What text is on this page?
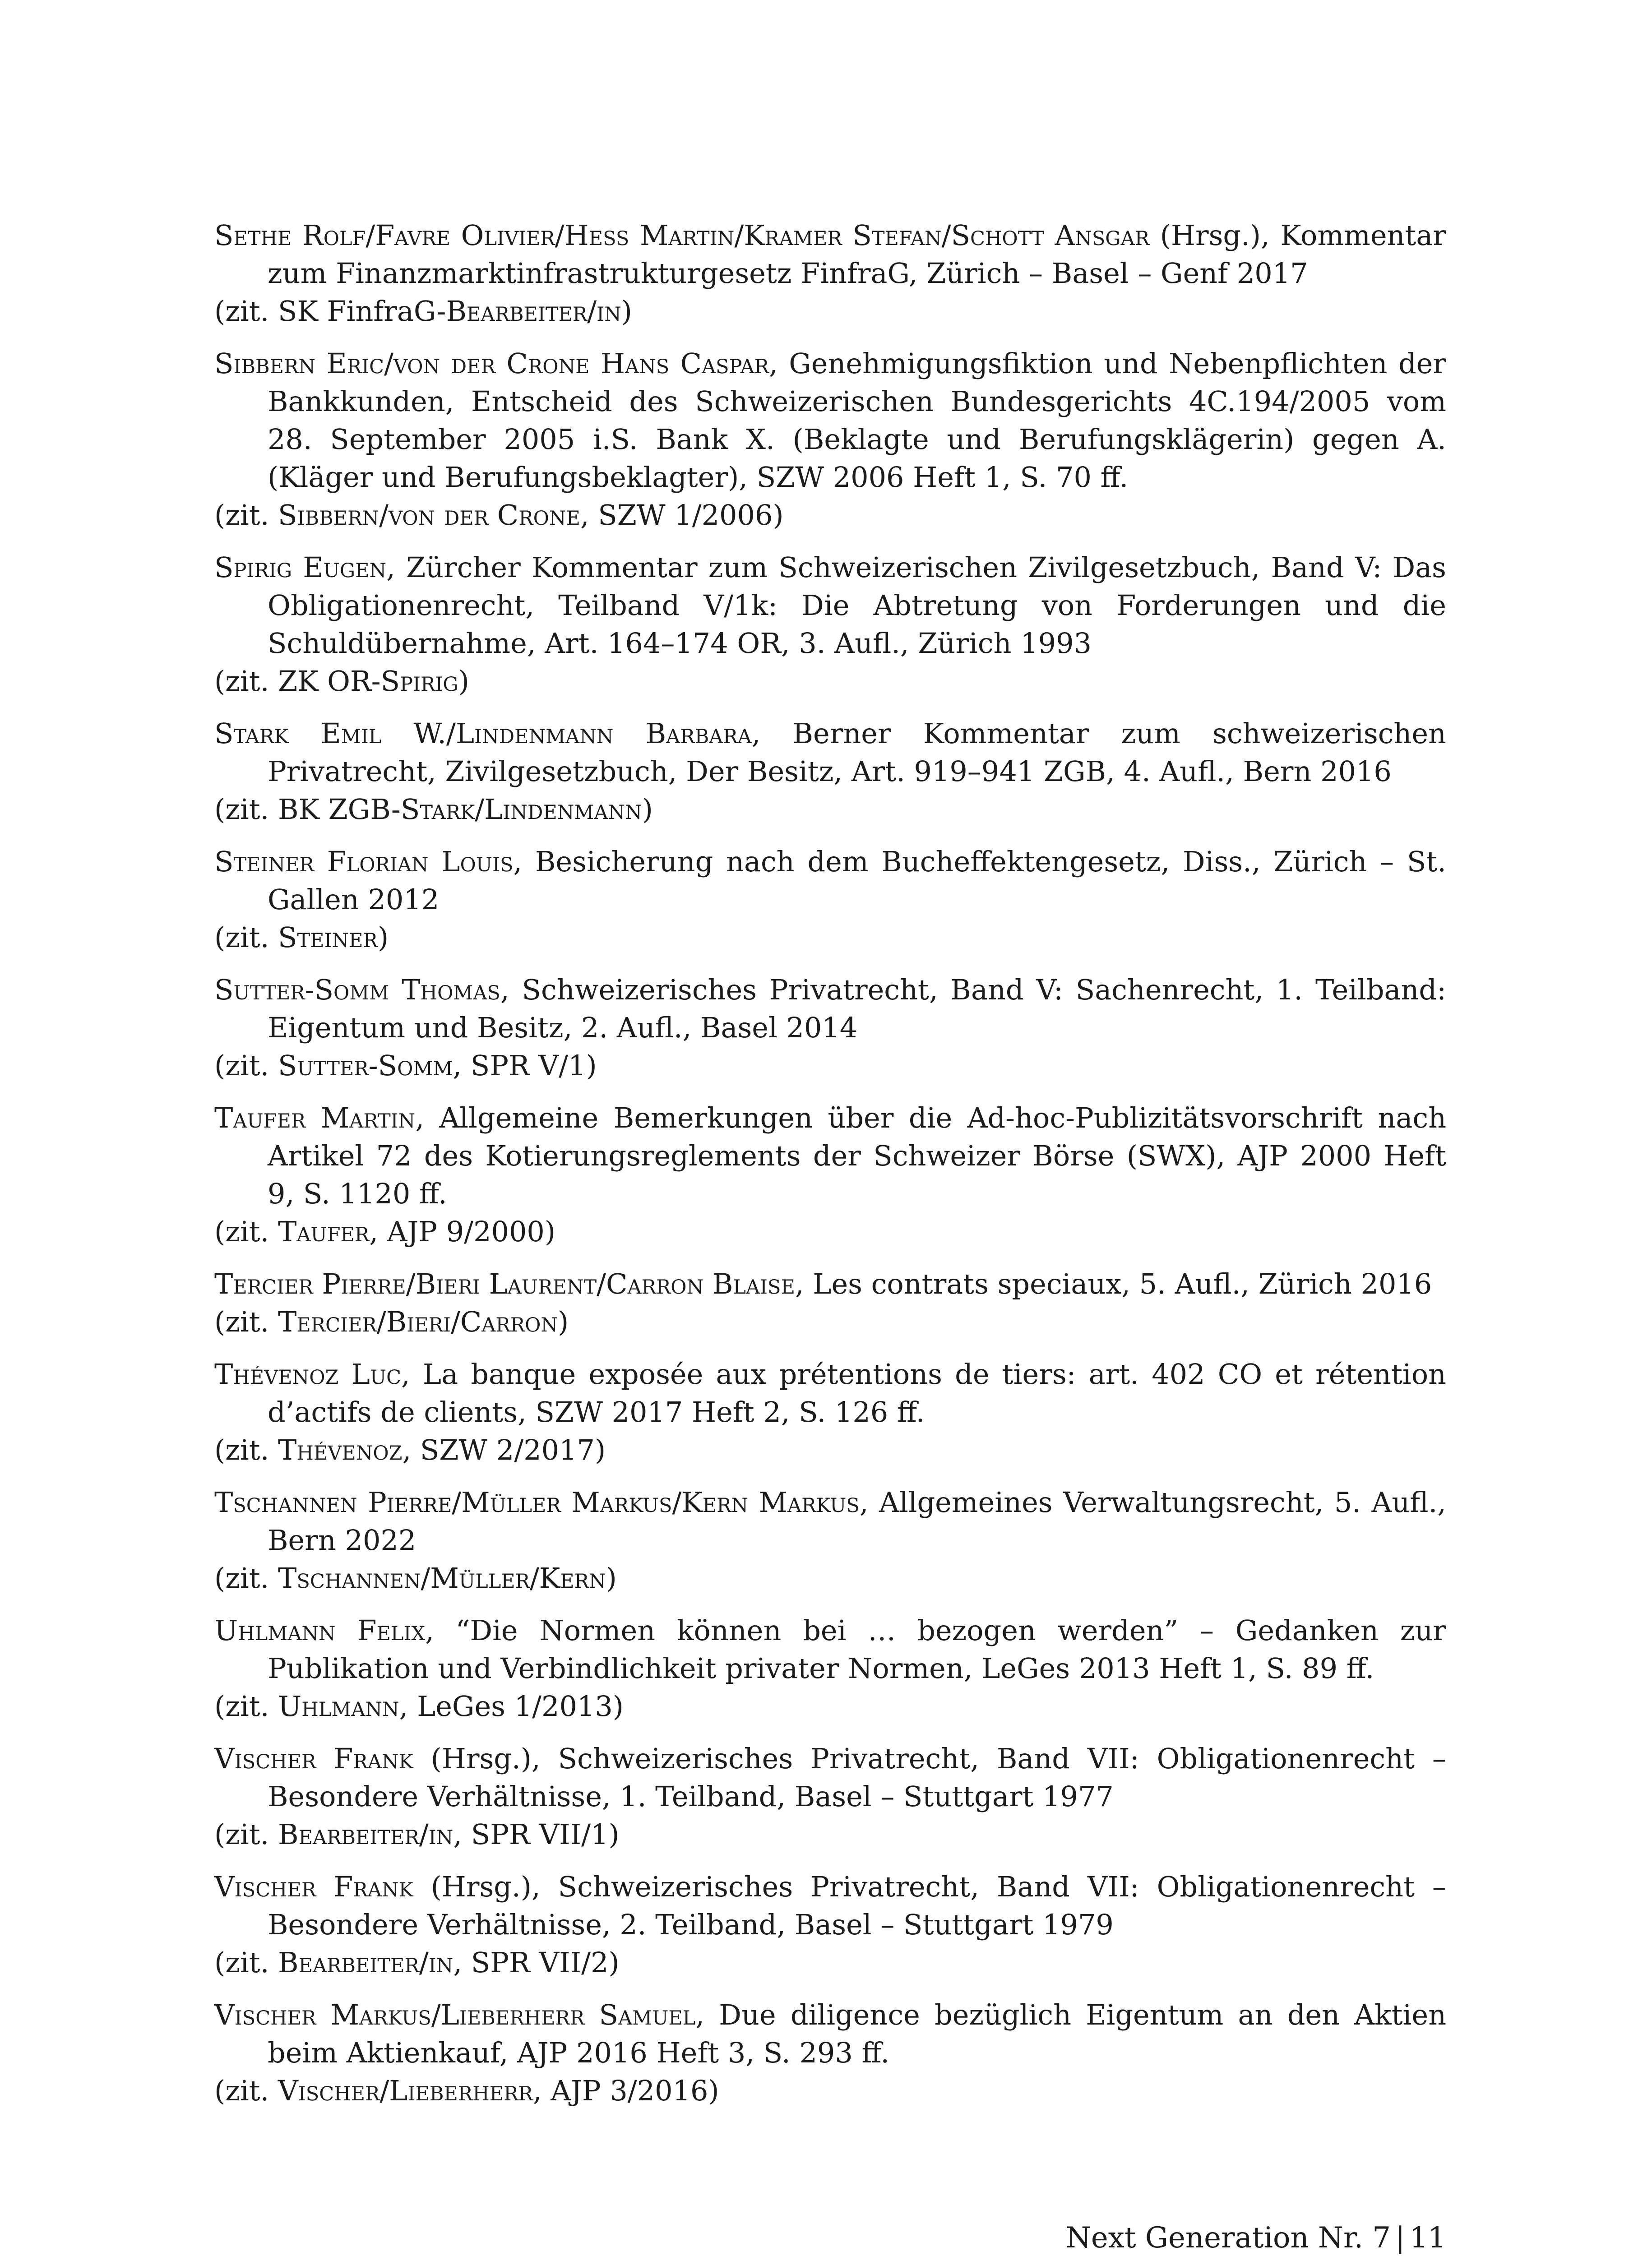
Sethe Rolf/Favre Olivier/Hess Martin/Kramer Stefan/Schott Ansgar (Hrsg.), Kommentar zum Finanzmarktinfrastrukturgesetz FinfraG, Zürich – Basel – Genf 2017
(zit. SK FinfraG-Bearbeiter/in)
Sibbern Eric/von der Crone Hans Caspar, Genehmigungsfiktion und Nebenpflichten der Bankkunden, Entscheid des Schweizerischen Bundesgerichts 4C.194/2005 vom 28. September 2005 i.S. Bank X. (Beklagte und Berufungsklägerin) gegen A. (Kläger und Berufungsbeklagter), SZW 2006 Heft 1, S. 70 ff.
(zit. Sibbern/von der Crone, SZW 1/2006)
Spirig Eugen, Zürcher Kommentar zum Schweizerischen Zivilgesetzbuch, Band V: Das Obligationenrecht, Teilband V/1k: Die Abtretung von Forderungen und die Schuldübernahme, Art. 164–174 OR, 3. Aufl., Zürich 1993
(zit. ZK OR-Spirig)
Stark Emil W./Lindenmann Barbara, Berner Kommentar zum schweizerischen Privatrecht, Zivilgesetzbuch, Der Besitz, Art. 919–941 ZGB, 4. Aufl., Bern 2016
(zit. BK ZGB-Stark/Lindenmann)
Steiner Florian Louis, Besicherung nach dem Bucheffektengesetz, Diss., Zürich – St. Gallen 2012
(zit. Steiner)
Sutter-Somm Thomas, Schweizerisches Privatrecht, Band V: Sachenrecht, 1. Teilband: Eigentum und Besitz, 2. Aufl., Basel 2014
(zit. Sutter-Somm, SPR V/1)
Taufer Martin, Allgemeine Bemerkungen über die Ad-hoc-Publizitätsvorschrift nach Artikel 72 des Kotierungsreglements der Schweizer Börse (SWX), AJP 2000 Heft 9, S. 1120 ff.
(zit. Taufer, AJP 9/2000)
Tercier Pierre/Bieri Laurent/Carron Blaise, Les contrats speciaux, 5. Aufl., Zürich 2016
(zit. Tercier/Bieri/Carron)
Thévenoz Luc, La banque exposée aux prétentions de tiers: art. 402 CO et rétention d’actifs de clients, SZW 2017 Heft 2, S. 126 ff.
(zit. Thévenoz, SZW 2/2017)
Tschannen Pierre/Müller Markus/Kern Markus, Allgemeines Verwaltungsrecht, 5. Aufl., Bern 2022
(zit. Tschannen/Müller/Kern)
Uhlmann Felix, “Die Normen können bei … bezogen werden” – Gedanken zur Publikation und Verbindlichkeit privater Normen, LeGes 2013 Heft 1, S. 89 ff.
(zit. Uhlmann, LeGes 1/2013)
Vischer Frank (Hrsg.), Schweizerisches Privatrecht, Band VII: Obligationenrecht – Besondere Verhältnisse, 1. Teilband, Basel – Stuttgart 1977
(zit. Bearbeiter/in, SPR VII/1)
Vischer Frank (Hrsg.), Schweizerisches Privatrecht, Band VII: Obligationenrecht – Besondere Verhältnisse, 2. Teilband, Basel – Stuttgart 1979
(zit. Bearbeiter/in, SPR VII/2)
Vischer Markus/Lieberherr Samuel, Due diligence bezüglich Eigentum an den Aktien beim Aktienkauf, AJP 2016 Heft 3, S. 293 ff.
(zit. Vischer/Lieberherr, AJP 3/2016)
Next Generation Nr. 7 | 11
